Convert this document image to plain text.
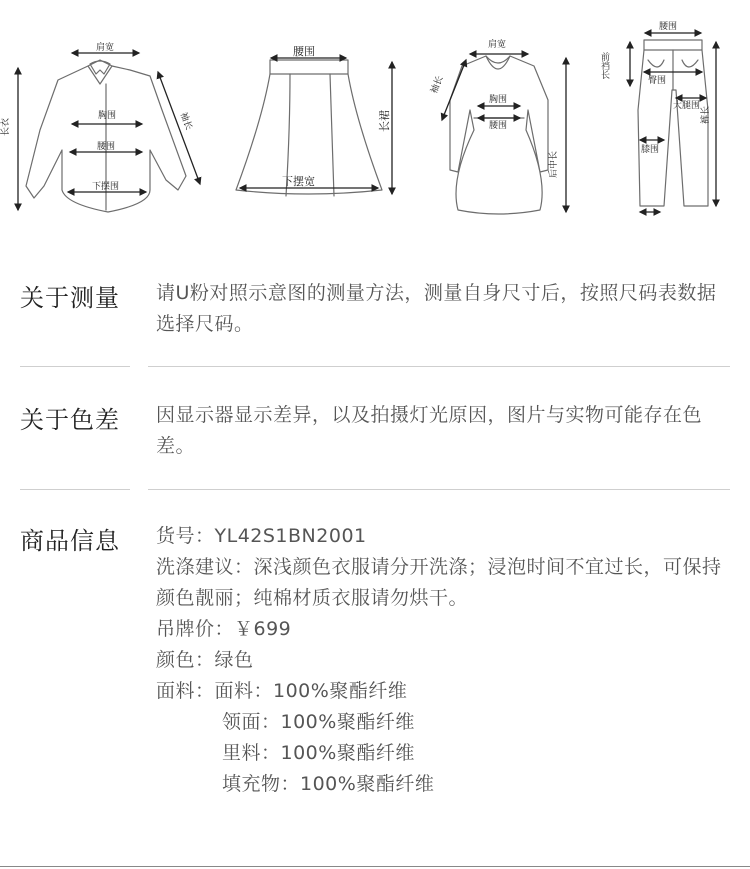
肩宽
胸围
腰围
下摆围
长衣	袖长
腰围
下摆宽
长裙
肩宽
胸围
腰围
袖长
后中长
腰围
前裆长
臀围
大腿围
膝围
裤长
关于测量 请U粉对照示意图的测量方法，测量自身尺寸后，按照尺码表数据选择尺码。
关于色差 因显示器显示差异，以及拍摄灯光原因，图片与实物可能存在色差。
商品信息 货号：YL42S1BN2001
洗涤建议：深浅颜色衣服请分开洗涤；浸泡时间不宜过长，可保持颜色靓丽；纯棉材质衣服请勿烘干。
吊牌价：￥699
颜色：绿色
面料：面料：100%聚酯纤维
领面：100%聚酯纤维
里料：100%聚酯纤维
填充物：100%聚酯纤维
